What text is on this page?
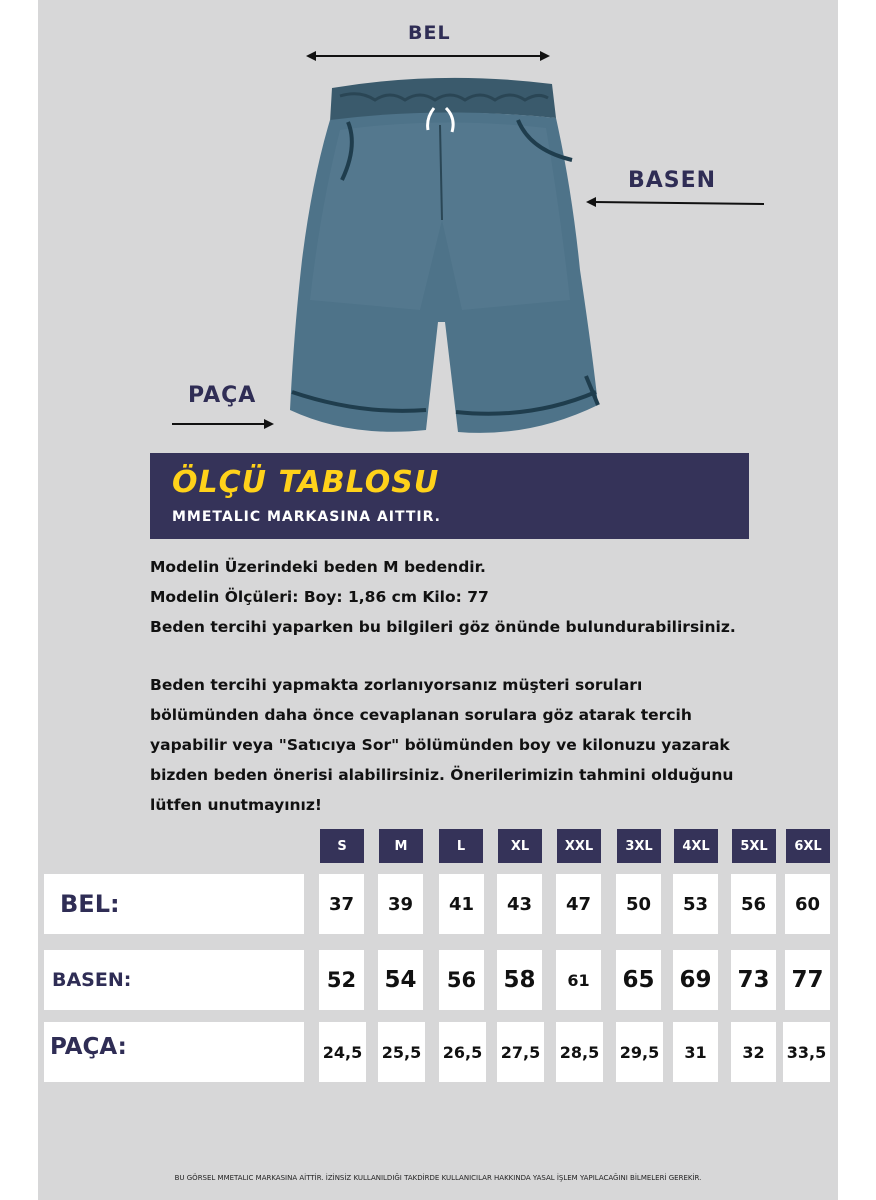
BEL
BASEN
PAÇA
ÖLÇÜ TABLOSU
MMETALIC MARKASINA AITTIR.
Modelin Üzerindeki beden M bedendir.
Modelin Ölçüleri: Boy: 1,86 cm Kilo: 77
Beden tercihi yaparken bu bilgileri göz önünde bulundurabilirsiniz.
Beden tercihi yapmakta zorlanıyorsanız müşteri soruları
bölümünden daha önce cevaplanan sorulara göz atarak tercih
yapabilir veya "Satıcıya Sor" bölümünden boy ve kilonuzu yazarak
bizden beden önerisi alabilirsiniz. Önerilerimizin tahmini olduğunu
lütfen unutmayınız!
S	M	L	XL	XXL	3XL	4XL	5XL	6XL
BEL:	37	39	41	43	47	50	53	56	60
BASEN:	52	54	56	58	61	65 69 73 77
PAÇA:	24,5 25,5 26,5 27,5 28,5 29,5	31	32	33,5
BU GÖRSEL MMETALIC MARKASINA AİTTİR. İZİNSİZ KULLANILDIĞI TAKDİRDE KULLANICILAR HAKKINDA YASAL İŞLEM YAPILACAĞINI BİLMELERİ GEREKİR.
